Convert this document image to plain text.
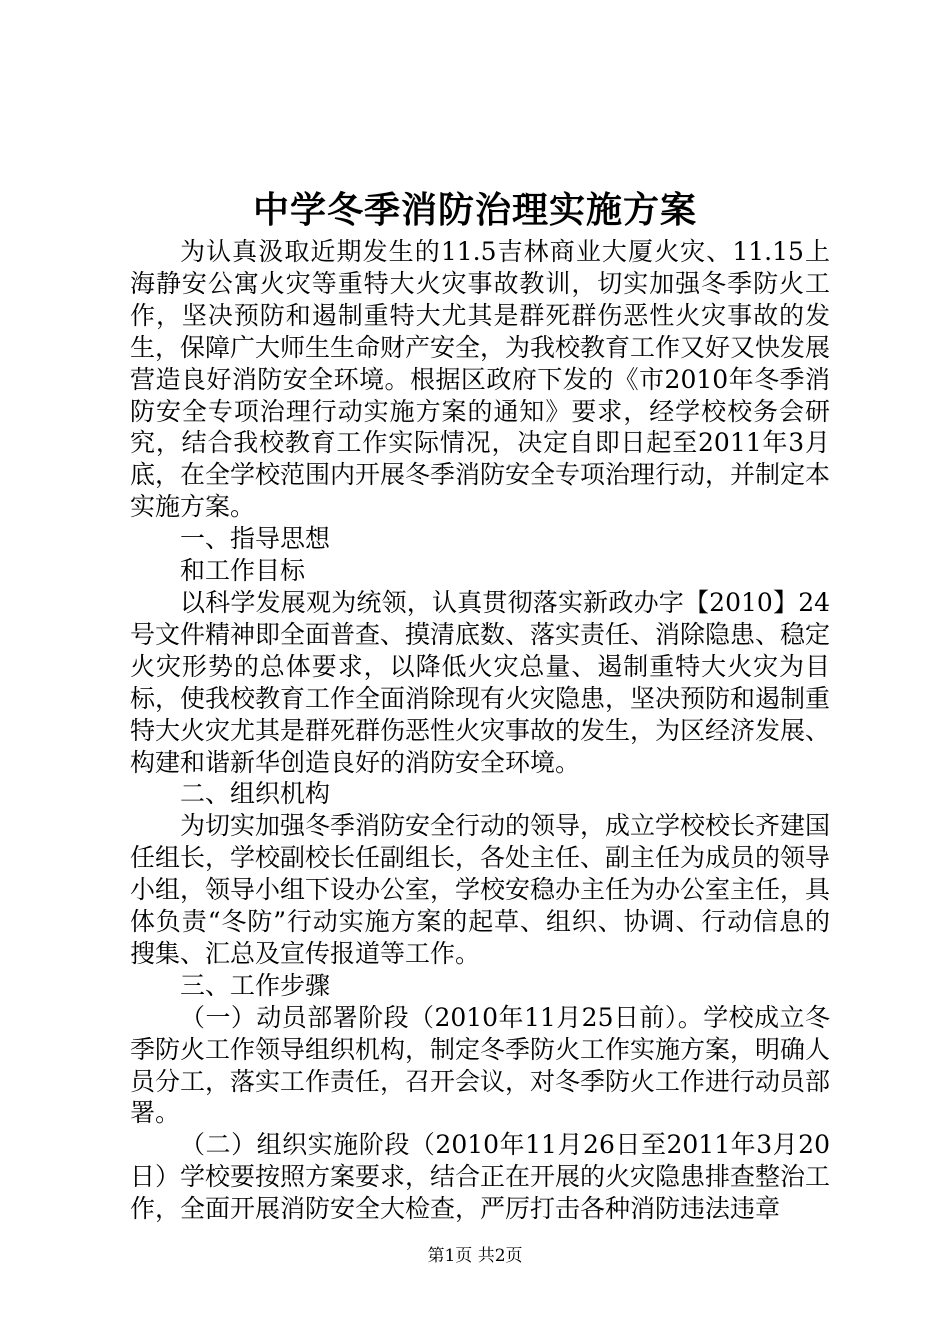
中学冬季消防治理实施方案

为认真汲取近期发生的11.5吉林商业大厦火灾、11.15上海静安公寓火灾等重特大火灾事故教训，切实加强冬季防火工作，坚决预防和遏制重特大尤其是群死群伤恶性火灾事故的发生，保障广大师生生命财产安全，为我校教育工作又好又快发展营造良好消防安全环境。根据区政府下发的《市2010年冬季消防安全专项治理行动实施方案的通知》要求，经学校校务会研究，结合我校教育工作实际情况，决定自即日起至2011年3月底，在全学校范围内开展冬季消防安全专项治理行动，并制定本实施方案。

一、指导思想

和工作目标

以科学发展观为统领，认真贯彻落实新政办字【2010】24号文件精神即全面普查、摸清底数、落实责任、消除隐患、稳定火灾形势的总体要求，以降低火灾总量、遏制重特大火灾为目标，使我校教育工作全面消除现有火灾隐患，坚决预防和遏制重特大火灾尤其是群死群伤恶性火灾事故的发生，为区经济发展、构建和谐新华创造良好的消防安全环境。

二、组织机构

为切实加强冬季消防安全行动的领导，成立学校校长齐建国任组长，学校副校长任副组长，各处主任、副主任为成员的领导小组，领导小组下设办公室，学校安稳办主任为办公室主任，具体负责“冬防”行动实施方案的起草、组织、协调、行动信息的搜集、汇总及宣传报道等工作。

三、工作步骤

（一）动员部署阶段（2010年11月25日前）。学校成立冬季防火工作领导组织机构，制定冬季防火工作实施方案，明确人员分工，落实工作责任，召开会议，对冬季防火工作进行动员部署。

（二）组织实施阶段（2010年11月26日至2011年3月20日）学校要按照方案要求，结合正在开展的火灾隐患排查整治工作，全面开展消防安全大检查，严厉打击各种消防违法违章

第1页 共2页
